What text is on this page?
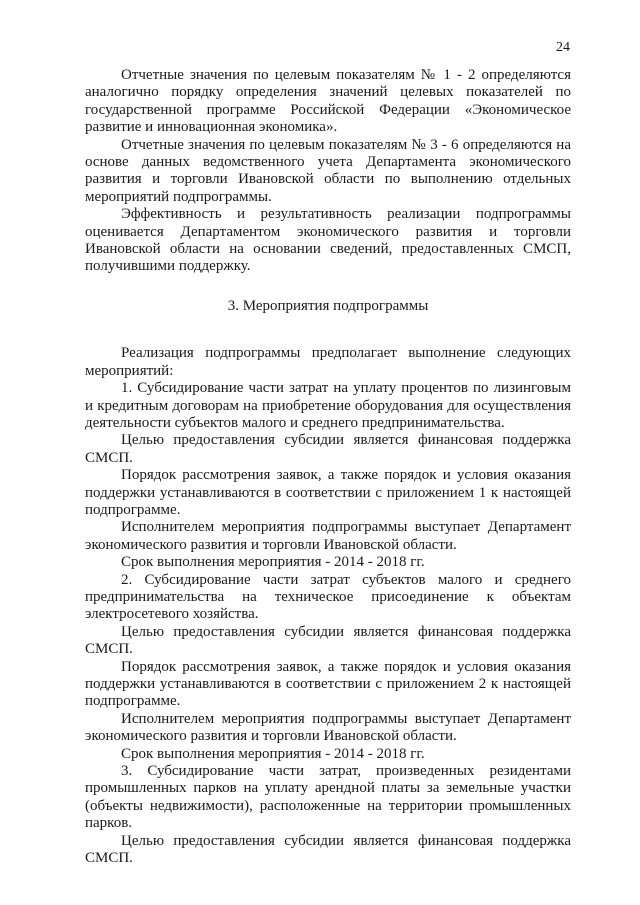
24

Отчетные значения по целевым показателям № 1 - 2 определяются аналогично порядку определения значений целевых показателей по государственной программе Российской Федерации «Экономическое развитие и инновационная экономика».

Отчетные значения по целевым показателям № 3 - 6 определяются на основе данных ведомственного учета Департамента экономического развития и торговли Ивановской области по выполнению отдельных мероприятий подпрограммы.

Эффективность и результативность реализации подпрограммы оценивается Департаментом экономического развития и торговли Ивановской области на основании сведений, предоставленных СМСП, получившими поддержку.

3. Мероприятия подпрограммы

Реализация подпрограммы предполагает выполнение следующих мероприятий:

1. Субсидирование части затрат на уплату процентов по лизинговым и кредитным договорам на приобретение оборудования для осуществления деятельности субъектов малого и среднего предпринимательства.

Целью предоставления субсидии является финансовая поддержка СМСП.

Порядок рассмотрения заявок, а также порядок и условия оказания поддержки устанавливаются в соответствии с приложением 1 к настоящей подпрограмме.

Исполнителем мероприятия подпрограммы выступает Департамент экономического развития и торговли Ивановской области.

Срок выполнения мероприятия - 2014 - 2018 гг.

2. Субсидирование части затрат субъектов малого и среднего предпринимательства на техническое присоединение к объектам электросетевого хозяйства.

Целью предоставления субсидии является финансовая поддержка СМСП.

Порядок рассмотрения заявок, а также порядок и условия оказания поддержки устанавливаются в соответствии с приложением 2 к настоящей подпрограмме.

Исполнителем мероприятия подпрограммы выступает Департамент экономического развития и торговли Ивановской области.

Срок выполнения мероприятия - 2014 - 2018 гг.

3. Субсидирование части затрат, произведенных резидентами промышленных парков на уплату арендной платы за земельные участки (объекты недвижимости), расположенные на территории промышленных парков.

Целью предоставления субсидии является финансовая поддержка СМСП.
